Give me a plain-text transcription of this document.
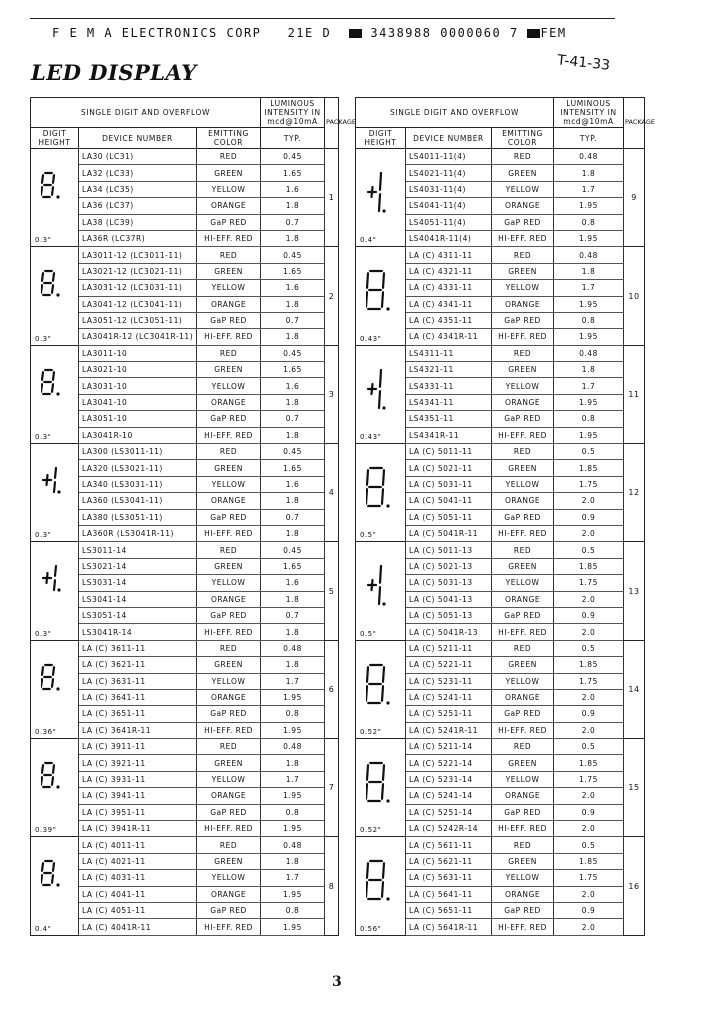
F E M A ELECTRONICS CORP 21E D	3438988 0000060 7 FEM
LED DISPLAY	T-41-33
SINGLE DIGIT AND OVERFLOW			LUMINOUS INTENSITY IN mcd@10mA	PACKAGE
DIGIT HEIGHT	DEVICE NUMBER	EMITTING COLOR	TYP.	

0.3"	LA30 (LC31)	RED	0.45	1
	LA32 (LC33)	GREEN	1.65	
	LA34 (LC35)	YELLOW	1.6	
	LA36 (LC37)	ORANGE	1.8	
	LA38 (LC39)	GaP RED	0.7	
	LA36R (LC37R)	HI-EFF. RED	1.8	

0.3"	LA3011-12 (LC3011-11)	RED	0.45	2
	LA3021-12 (LC3021-11)	GREEN	1.65	
	LA3031-12 (LC3031-11)	YELLOW	1.6	
	LA3041-12 (LC3041-11)	ORANGE	1.8	
	LA3051-12 (LC3051-11)	GaP RED	0.7	
	LA3041R-12 (LC3041R-11)	HI-EFF. RED	1.8	

0.3"	LA3011-10	RED	0.45	3
	LA3021-10	GREEN	1.65	
	LA3031-10	YELLOW	1.6	
	LA3041-10	ORANGE	1.8	
	LA3051-10	GaP RED	0.7	
	LA3041R-10	HI-EFF. RED	1.8	

0.3"	LA300 (LS3011-11)	RED	0.45	4
	LA320 (LS3021-11)	GREEN	1.65	
	LA340 (LS3031-11)	YELLOW	1.6	
	LA360 (LS3041-11)	ORANGE	1.8	
	LA380 (LS3051-11)	GaP RED	0.7	
	LA360R (LS3041R-11)	HI-EFF. RED	1.8	

0.3"	LS3011-14	RED	0.45	5
	LS3021-14	GREEN	1.65	
	LS3031-14	YELLOW	1.6	
	LS3041-14	ORANGE	1.8	
	LS3051-14	GaP RED	0.7	
	LS3041R-14	HI-EFF. RED	1.8	

0.36"	LA (C) 3611-11	RED	0.48	6
	LA (C) 3621-11	GREEN	1.8	
	LA (C) 3631-11	YELLOW	1.7	
	LA (C) 3641-11	ORANGE	1.95	
	LA (C) 3651-11	GaP RED	0.8	
	LA (C) 3641R-11	HI-EFF. RED	1.95	

0.39"	LA (C) 3911-11	RED	0.48	7
	LA (C) 3921-11	GREEN	1.8	
	LA (C) 3931-11	YELLOW	1.7	
	LA (C) 3941-11	ORANGE	1.95	
	LA (C) 3951-11	GaP RED	0.8	
	LA (C) 3941R-11	HI-EFF. RED	1.95	

0.4"	LA (C) 4011-11	RED	0.48	8
	LA (C) 4021-11	GREEN	1.8	
	LA (C) 4031-11	YELLOW	1.7	
	LA (C) 4041-11	ORANGE	1.95	
	LA (C) 4051-11	GaP RED	0.8	
	LA (C) 4041R-11	HI-EFF. RED	1.95	
SINGLE DIGIT AND OVERFLOW			LUMINOUS INTENSITY IN mcd@10mA	PACKAGE
DIGIT HEIGHT	DEVICE NUMBER	EMITTING COLOR	TYP.	

0.4"	LS4011-11(4)	RED	0.48	9
	LS4021-11(4)	GREEN	1.8	
	LS4031-11(4)	YELLOW	1.7	
	LS4041-11(4)	ORANGE	1.95	
	LS4051-11(4)	GaP RED	0.8	
	LS4041R-11(4)	HI-EFF. RED	1.95	

0.43"	LA (C) 4311-11	RED	0.48	10
	LA (C) 4321-11	GREEN	1.8	
	LA (C) 4331-11	YELLOW	1.7	
	LA (C) 4341-11	ORANGE	1.95	
	LA (C) 4351-11	GaP RED	0.8	
	LA (C) 4341R-11	HI-EFF. RED	1.95	

0.43"	LS4311-11	RED	0.48	11
	LS4321-11	GREEN	1.8	
	LS4331-11	YELLOW	1.7	
	LS4341-11	ORANGE	1.95	
	LS4351-11	GaP RED	0.8	
	LS4341R-11	HI-EFF. RED	1.95	

0.5"	LA (C) 5011-11	RED	0.5	12
	LA (C) 5021-11	GREEN	1.85	
	LA (C) 5031-11	YELLOW	1.75	
	LA (C) 5041-11	ORANGE	2.0	
	LA (C) 5051-11	GaP RED	0.9	
	LA (C) 5041R-11	HI-EFF. RED	2.0	

0.5"	LA (C) 5011-13	RED	0.5	13
	LA (C) 5021-13	GREEN	1.85	
	LA (C) 5031-13	YELLOW	1.75	
	LA (C) 5041-13	ORANGE	2.0	
	LA (C) 5051-13	GaP RED	0.9	
	LA (C) 5041R-13	HI-EFF. RED	2.0	

0.52"	LA (C) 5211-11	RED	0.5	14
	LA (C) 5221-11	GREEN	1.85	
	LA (C) 5231-11	YELLOW	1.75	
	LA (C) 5241-11	ORANGE	2.0	
	LA (C) 5251-11	GaP RED	0.9	
	LA (C) 5241R-11	HI-EFF. RED	2.0	

0.52"	LA (C) 5211-14	RED	0.5	15
	LA (C) 5221-14	GREEN	1.85	
	LA (C) 5231-14	YELLOW	1.75	
	LA (C) 5241-14	ORANGE	2.0	
	LA (C) 5251-14	GaP RED	0.9	
	LA (C) 5242R-14	HI-EFF. RED	2.0	

0.56"	LA (C) 5611-11	RED	0.5	16
	LA (C) 5621-11	GREEN	1.85	
	LA (C) 5631-11	YELLOW	1.75	
	LA (C) 5641-11	ORANGE	2.0	
	LA (C) 5651-11	GaP RED	0.9	
	LA (C) 5641R-11	HI-EFF. RED	2.0	
3
